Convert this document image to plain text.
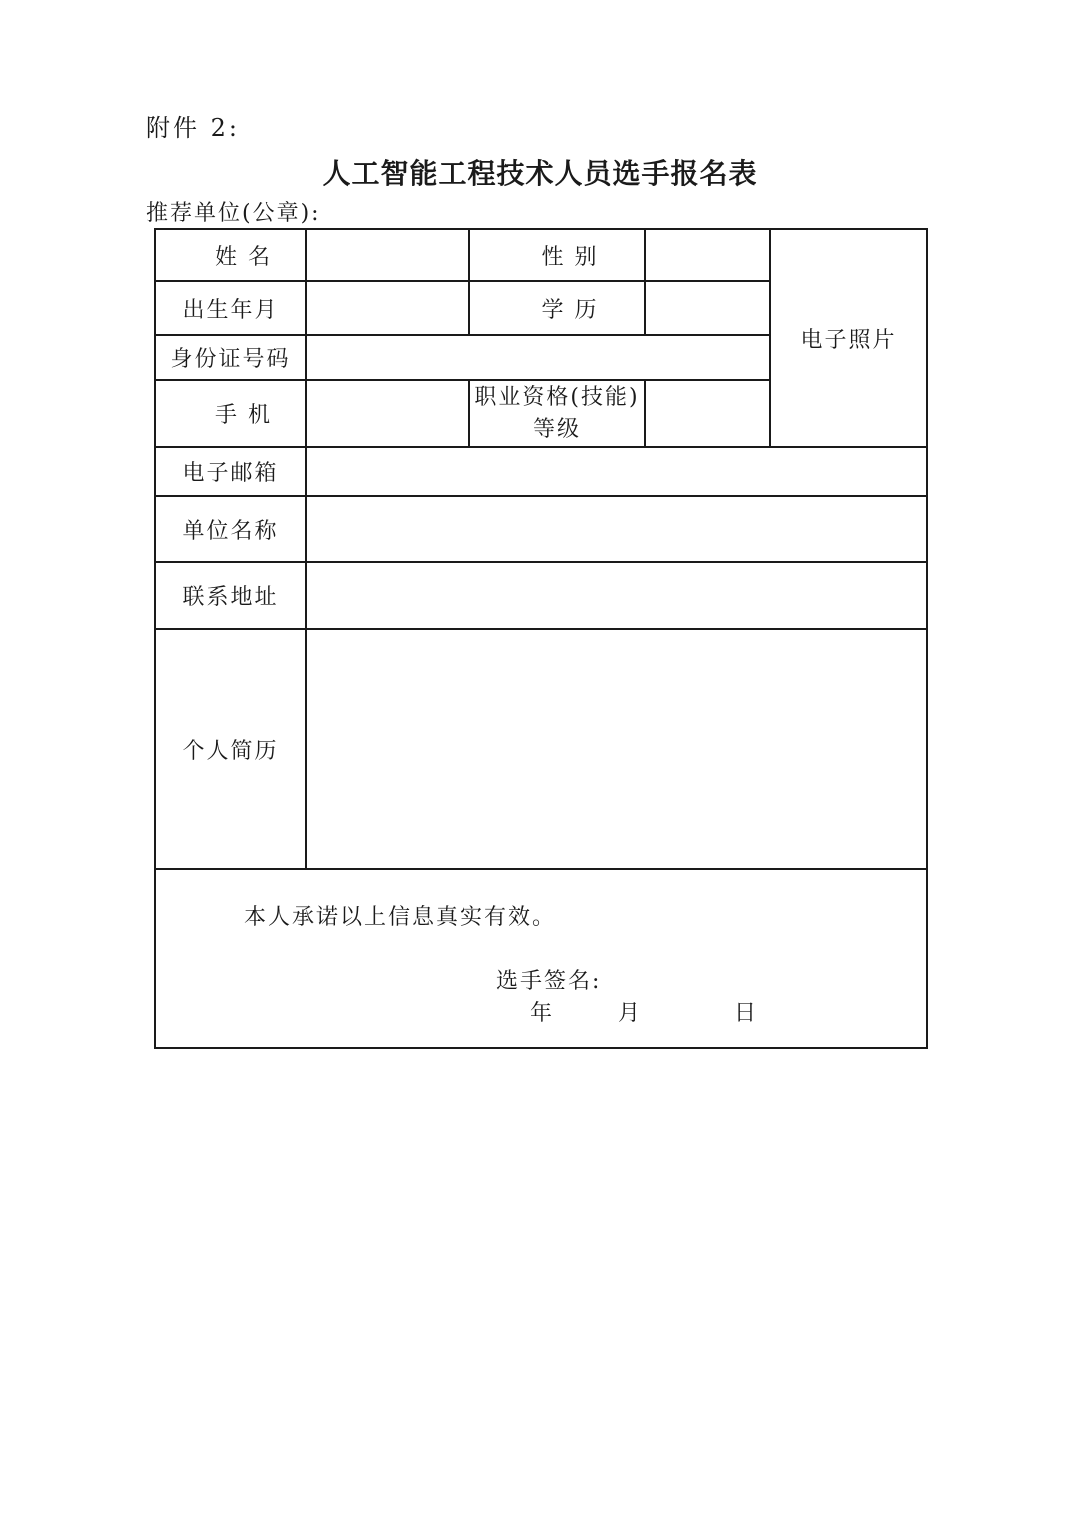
附件 2:
人工智能工程技术人员选手报名表
推荐单位(公章):
姓 名		性 别		电子照片
出生年月		学 历		
身份证号码				
手 机		职业资格(技能)等级		
电子邮箱				
单位名称				
联系地址				
个人简历				

本人承诺以上信息真实有效。
选手签名:
年 月 日				
